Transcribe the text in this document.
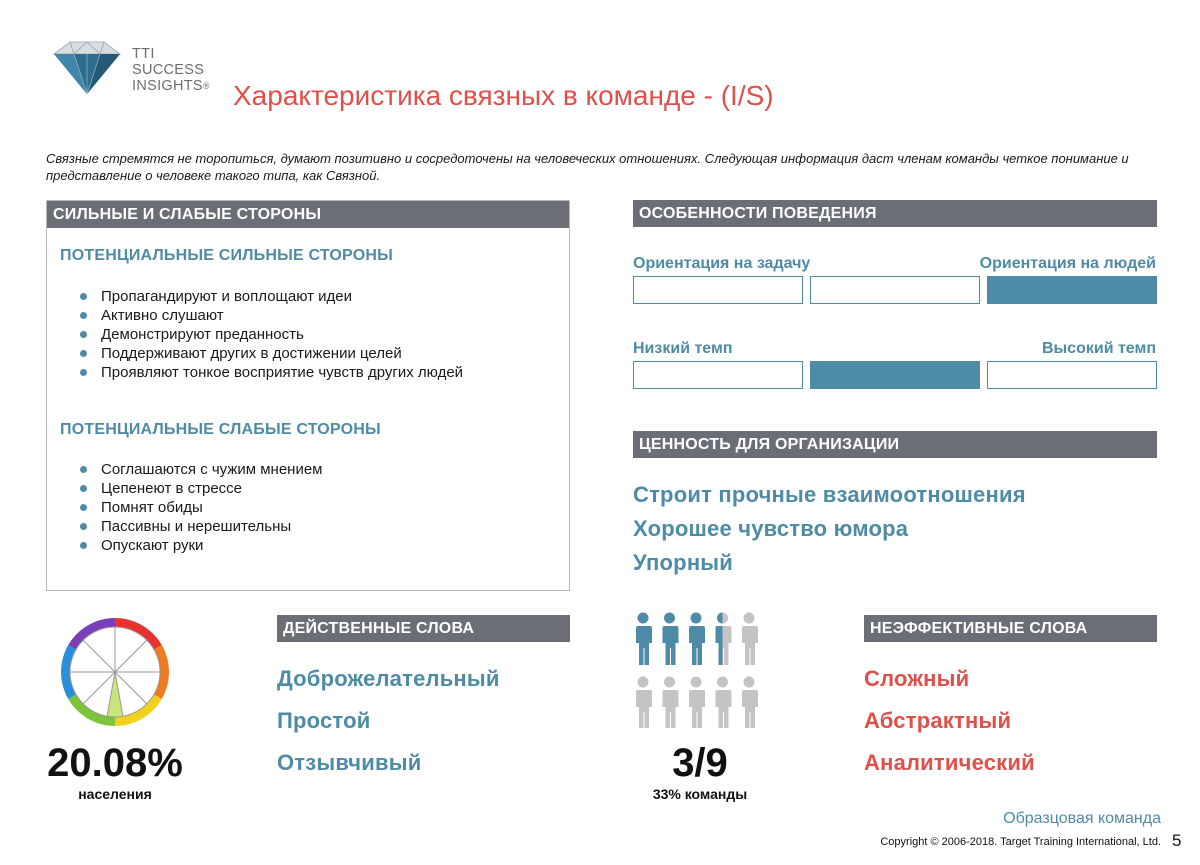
TTI
SUCCESS
INSIGHTS® Характеристика связных в команде - (I/S)

Связные стремятся не торопиться, думают позитивно и сосредоточены на человеческих отношениях. Следующая информация даст членам команды четкое понимание и представление о человеке такого типа, как Связной.

СИЛЬНЫЕ И СЛАБЫЕ СТОРОНЫ
ПОТЕНЦИАЛЬНЫЕ СИЛЬНЫЕ СТОРОНЫ
Пропагандируют и воплощают идеи
Активно слушают
Демонстрируют преданность
Поддерживают других в достижении целей
Проявляют тонкое восприятие чувств других людей
ПОТЕНЦИАЛЬНЫЕ СЛАБЫЕ СТОРОНЫ
Соглашаются с чужим мнением
Цепенеют в стрессе
Помнят обиды
Пассивны и нерешительны
Опускают руки
ОСОБЕННОСТИ ПОВЕДЕНИЯ
Ориентация на задачу	Ориентация на людей
Низкий темп	Высокий темп
ЦЕННОСТЬ ДЛЯ ОРГАНИЗАЦИИ
Строит прочные взаимоотношения
Хорошее чувство юмора
Упорный
20.08%
населения
ДЕЙСТВЕННЫЕ СЛОВА
Доброжелательный
Простой
Отзывчивый	3/9
33% команды
НЕЭФФЕКТИВНЫЕ СЛОВА
Сложный
Абстрактный
Аналитический
Образцовая команда
Copyright © 2006-2018. Target Training International, Ltd. 5
